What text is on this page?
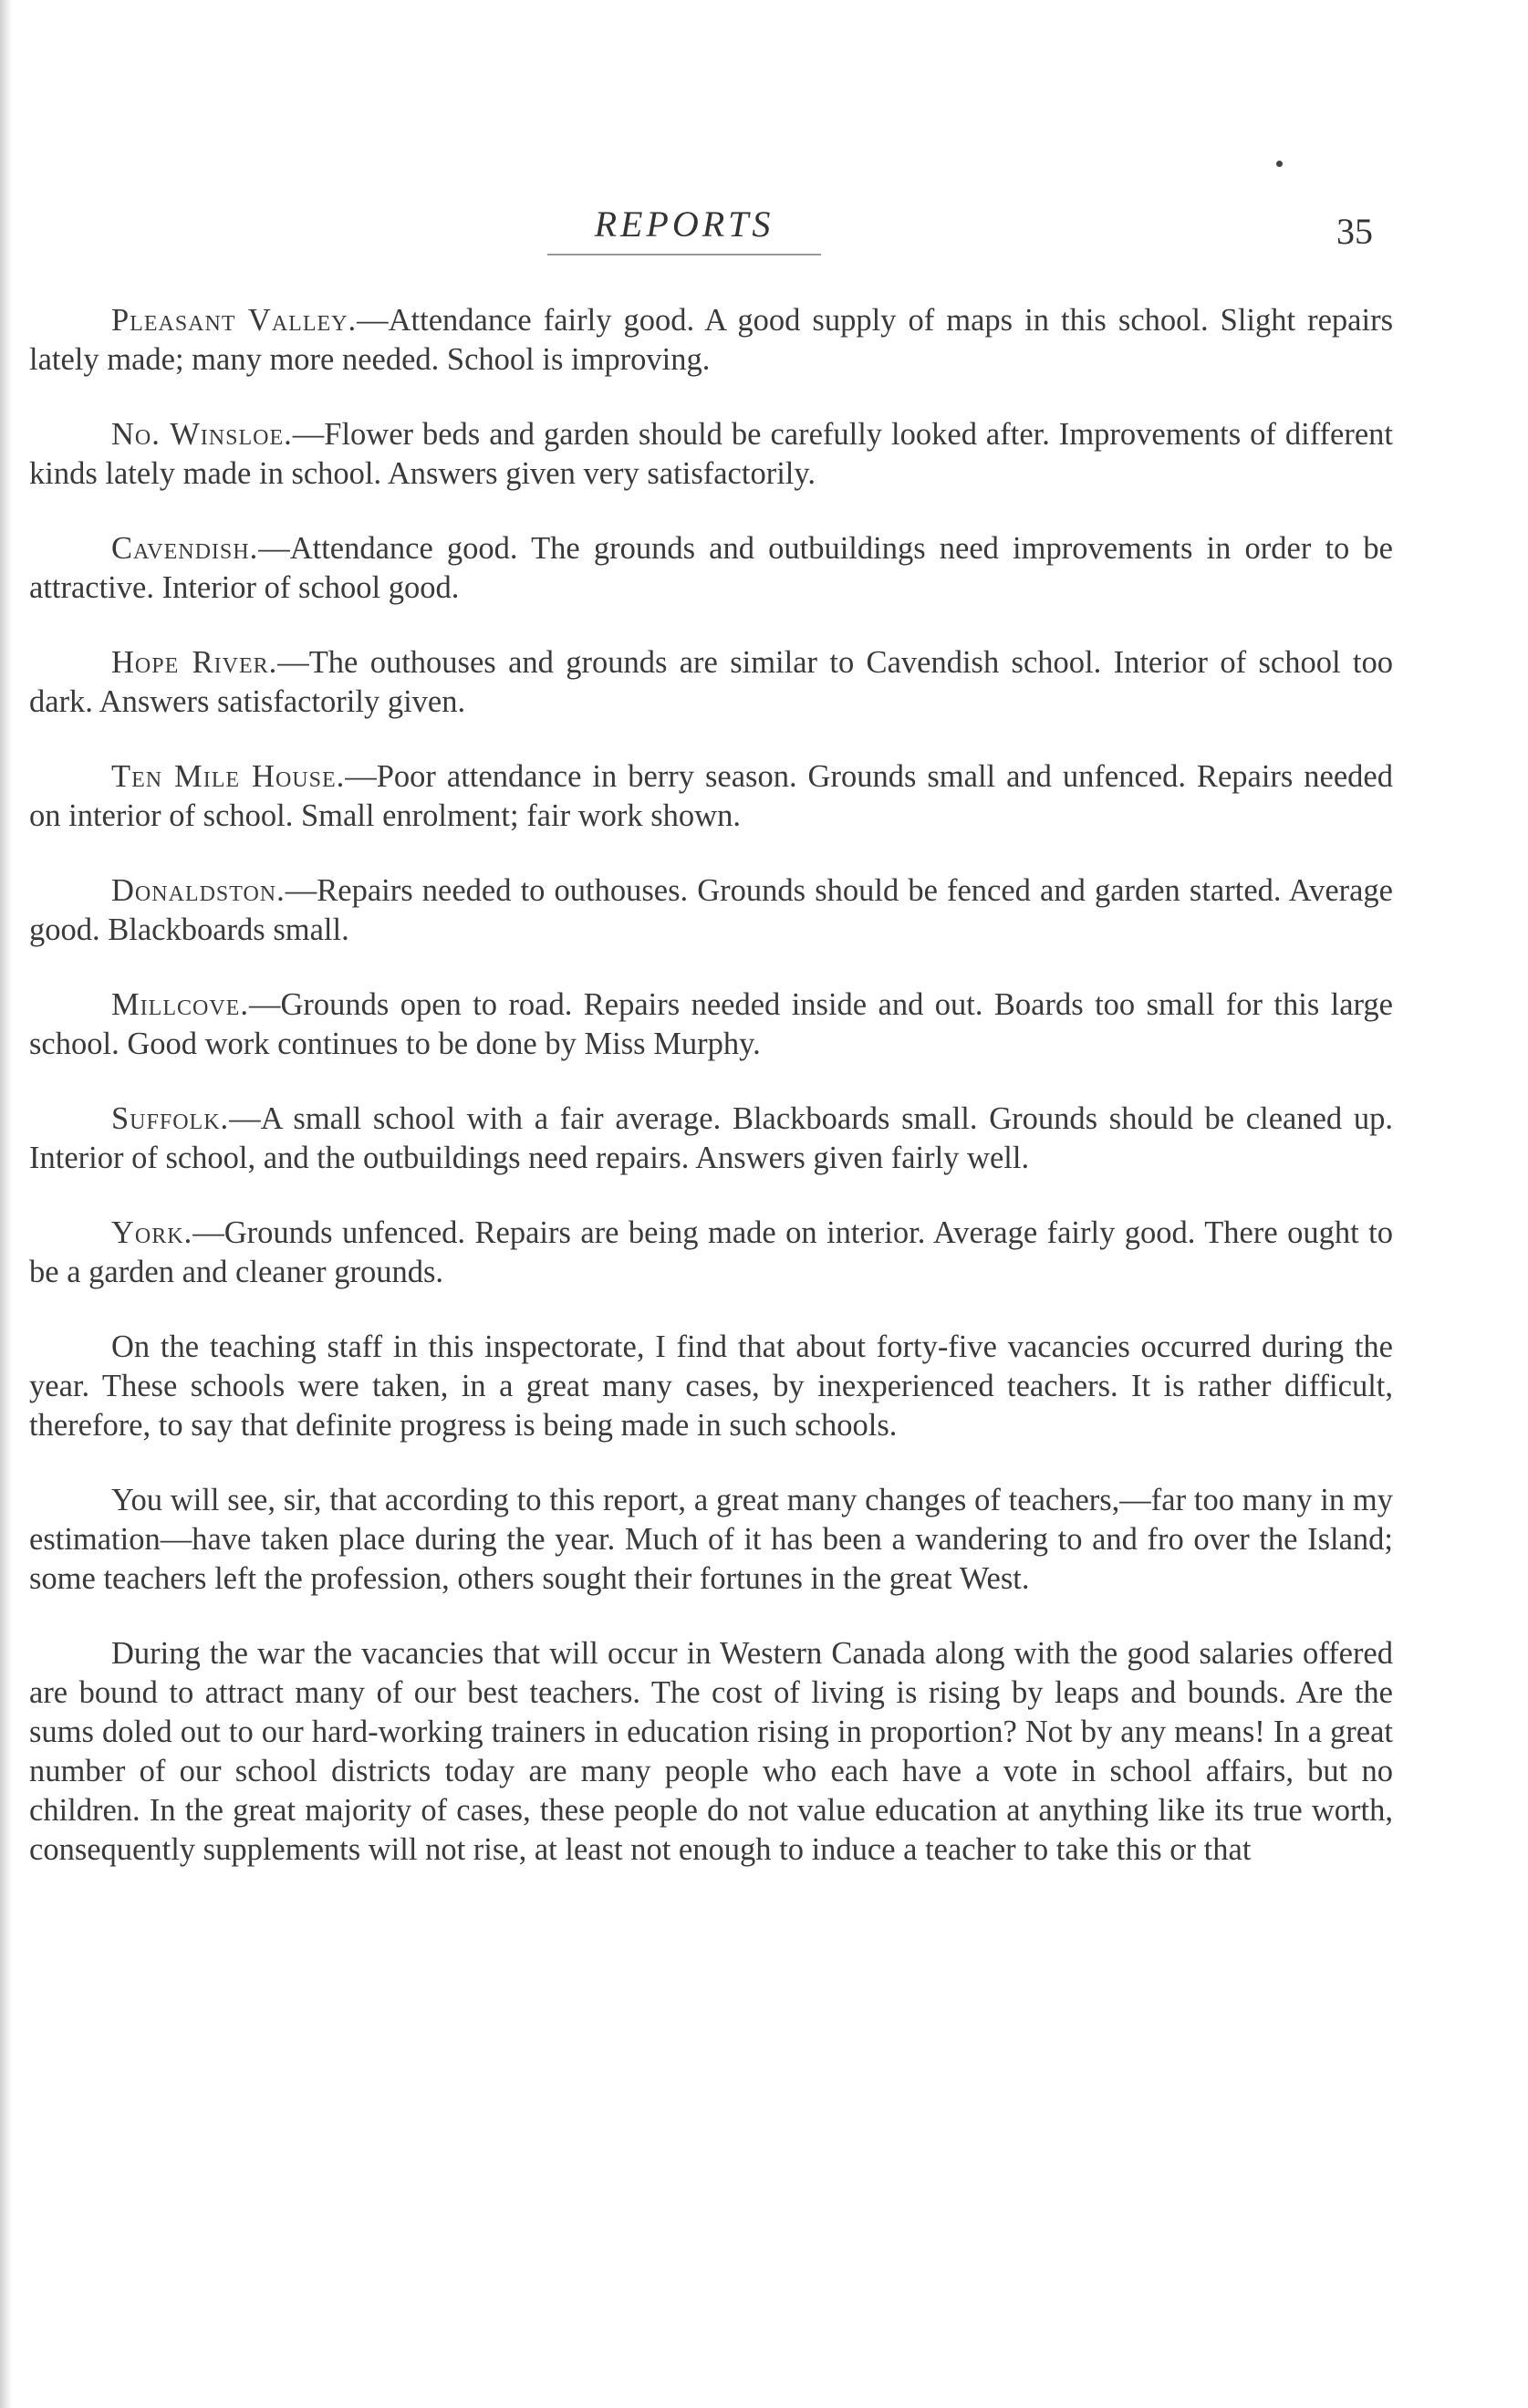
REPORTS	35

Pleasant Valley.—Attendance fairly good. A good supply of maps in this school. Slight repairs lately made; many more needed. School is improving.

No. Winsloe.—Flower beds and garden should be carefully looked after. Improvements of different kinds lately made in school. Answers given very satisfactorily.

Cavendish.—Attendance good. The grounds and outbuildings need improvements in order to be attractive. Interior of school good.

Hope River.—The outhouses and grounds are similar to Cavendish school. Interior of school too dark. Answers satisfactorily given.

Ten Mile House.—Poor attendance in berry season. Grounds small and unfenced. Repairs needed on interior of school. Small enrolment; fair work shown.

Donaldston.—Repairs needed to outhouses. Grounds should be fenced and garden started. Average good. Blackboards small.

Millcove.—Grounds open to road. Repairs needed inside and out. Boards too small for this large school. Good work continues to be done by Miss Murphy.

Suffolk.—A small school with a fair average. Blackboards small. Grounds should be cleaned up. Interior of school, and the outbuildings need repairs. Answers given fairly well.

York.—Grounds unfenced. Repairs are being made on interior. Average fairly good. There ought to be a garden and cleaner grounds.

On the teaching staff in this inspectorate, I find that about forty-five vacancies occurred during the year. These schools were taken, in a great many cases, by inexperienced teachers. It is rather difficult, therefore, to say that definite progress is being made in such schools.

You will see, sir, that according to this report, a great many changes of teachers,—far too many in my estimation—have taken place during the year. Much of it has been a wandering to and fro over the Island; some teachers left the profession, others sought their fortunes in the great West.

During the war the vacancies that will occur in Western Canada along with the good salaries offered are bound to attract many of our best teachers. The cost of living is rising by leaps and bounds. Are the sums doled out to our hard-working trainers in education rising in proportion? Not by any means! In a great number of our school districts today are many people who each have a vote in school affairs, but no children. In the great majority of cases, these people do not value education at anything like its true worth, consequently supplements will not rise, at least not enough to induce a teacher to take this or that
